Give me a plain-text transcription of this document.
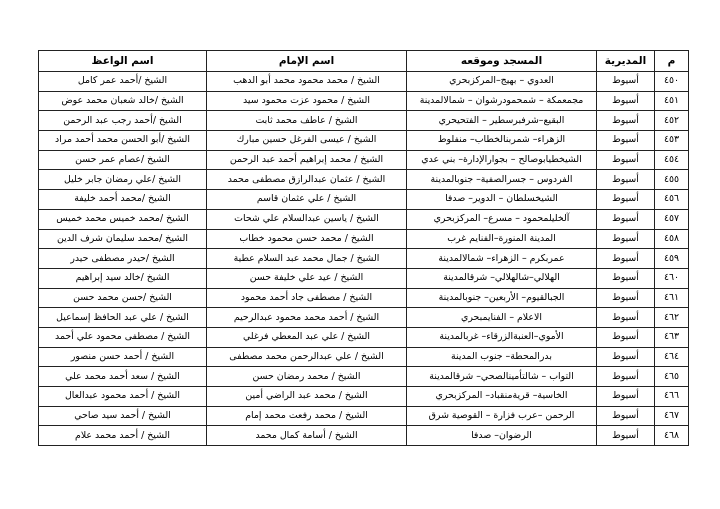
م	المديرية	المسجد وموقعه	اسم الإمام	اسم الواعظ
٤٥٠	أسيوط	العدوي – بهيج–المركزبحري	الشيخ / محمد محمود محمد أبو الدهب	الشيخ /أحمد عمر كامل
٤٥١	أسيوط	مجمعمكة – شمحمودرشوان – شمالالمدينة	الشيخ / محمود عزت محمود سيد	الشيخ /خالد شعبان محمد عوض
٤٥٢	أسيوط	البقيع–شرفبرسطير – الفتحيحري	الشيخ / عاطف محمد ثابت	الشيخ /أحمد رجب عبد الرحمن
٤٥٣	أسيوط	الزهراء– شمربنالخطاب– منفلوط	الشيخ / عيسى الفرغل حسين مبارك	الشيخ /أبو الحسن محمد أحمد مراد
٤٥٤	أسيوط	الشيخطيابوصالح – بجوارالإدارة– بني عدي	الشيخ / محمد إبراهيم أحمد عبد الرحمن	الشيخ /عصام عمر حسن
٤٥٥	أسيوط	الفردوس – جسرالصفية– جنوبالمدينة	الشيخ / عثمان عبدالرازق مصطفى محمد	الشيخ /علي رمضان جابر خليل
٤٥٦	أسيوط	الشيخسلطان – الدوير– صدفا	الشيخ / علي عثمان قاسم	الشيخ /محمد أحمد خليفة
٤٥٧	أسيوط	آلخليلمحمود – مسرع– المركزبحري	الشيخ / ياسين عبدالسلام علي شحات	الشيخ /محمد خميس محمد خميس
٤٥٨	أسيوط	المدينة المنورة–الفنايم غرب	الشيخ / محمد حسن محمود خطاب	الشيخ /محمد سليمان شرف الدين
٤٥٩	أسيوط	عمربكرم – الزهراء– شمالالمدينة	الشيخ / جمال محمد عبد السلام عطية	الشيخ /حيدر مصطفى حيدر
٤٦٠	أسيوط	الهلالي–شالهلالي– شرقالمدينة	الشيخ / عيد علي خليفة حسن	الشيخ /خالد سيد إبراهيم
٤٦١	أسيوط	الجبالقيوم– الأربعين– جنوبالمدينة	الشيخ / مصطفى جاد أحمد محمود	الشيخ /حسن محمد حسن
٤٦٢	أسيوط	الاعلام – الفنايمبحري	الشيخ / أحمد محمد محمود عبدالرحيم	الشيخ / علي عبد الحافظ إسماعيل
٤٦٣	أسيوط	الأموي–العنبةالزرقاء– غربالمدينة	الشيخ / علي عبد المعطي فرغلي	الشيخ / مصطفى محمود علي أحمد
٤٦٤	أسيوط	بدرالمحطة– جنوب المدينة	الشيخ / علي عبدالرحمن محمد مصطفى	الشيخ / أحمد حسن منصور
٤٦٥	أسيوط	التواب – شالتأمينالصحي– شرقالمدينة	الشيخ / محمد رمضان حسن	الشيخ / سعد أحمد محمد علي
٤٦٦	أسيوط	الخاسية– قريةمنقباد– المركزبحري	الشيخ / محمد عبد الراضي أمين	الشيخ / أحمد محمود عبدالعال
٤٦٧	أسيوط	الرحمن –عرب فزارة – القوصية شرق	الشيخ / محمد رفعت محمد إمام	الشيخ / أحمد سيد صاحي
٤٦٨	أسيوط	الرضوان– صدفا	الشيخ / أسامة كمال محمد	الشيخ / أحمد محمد علام
